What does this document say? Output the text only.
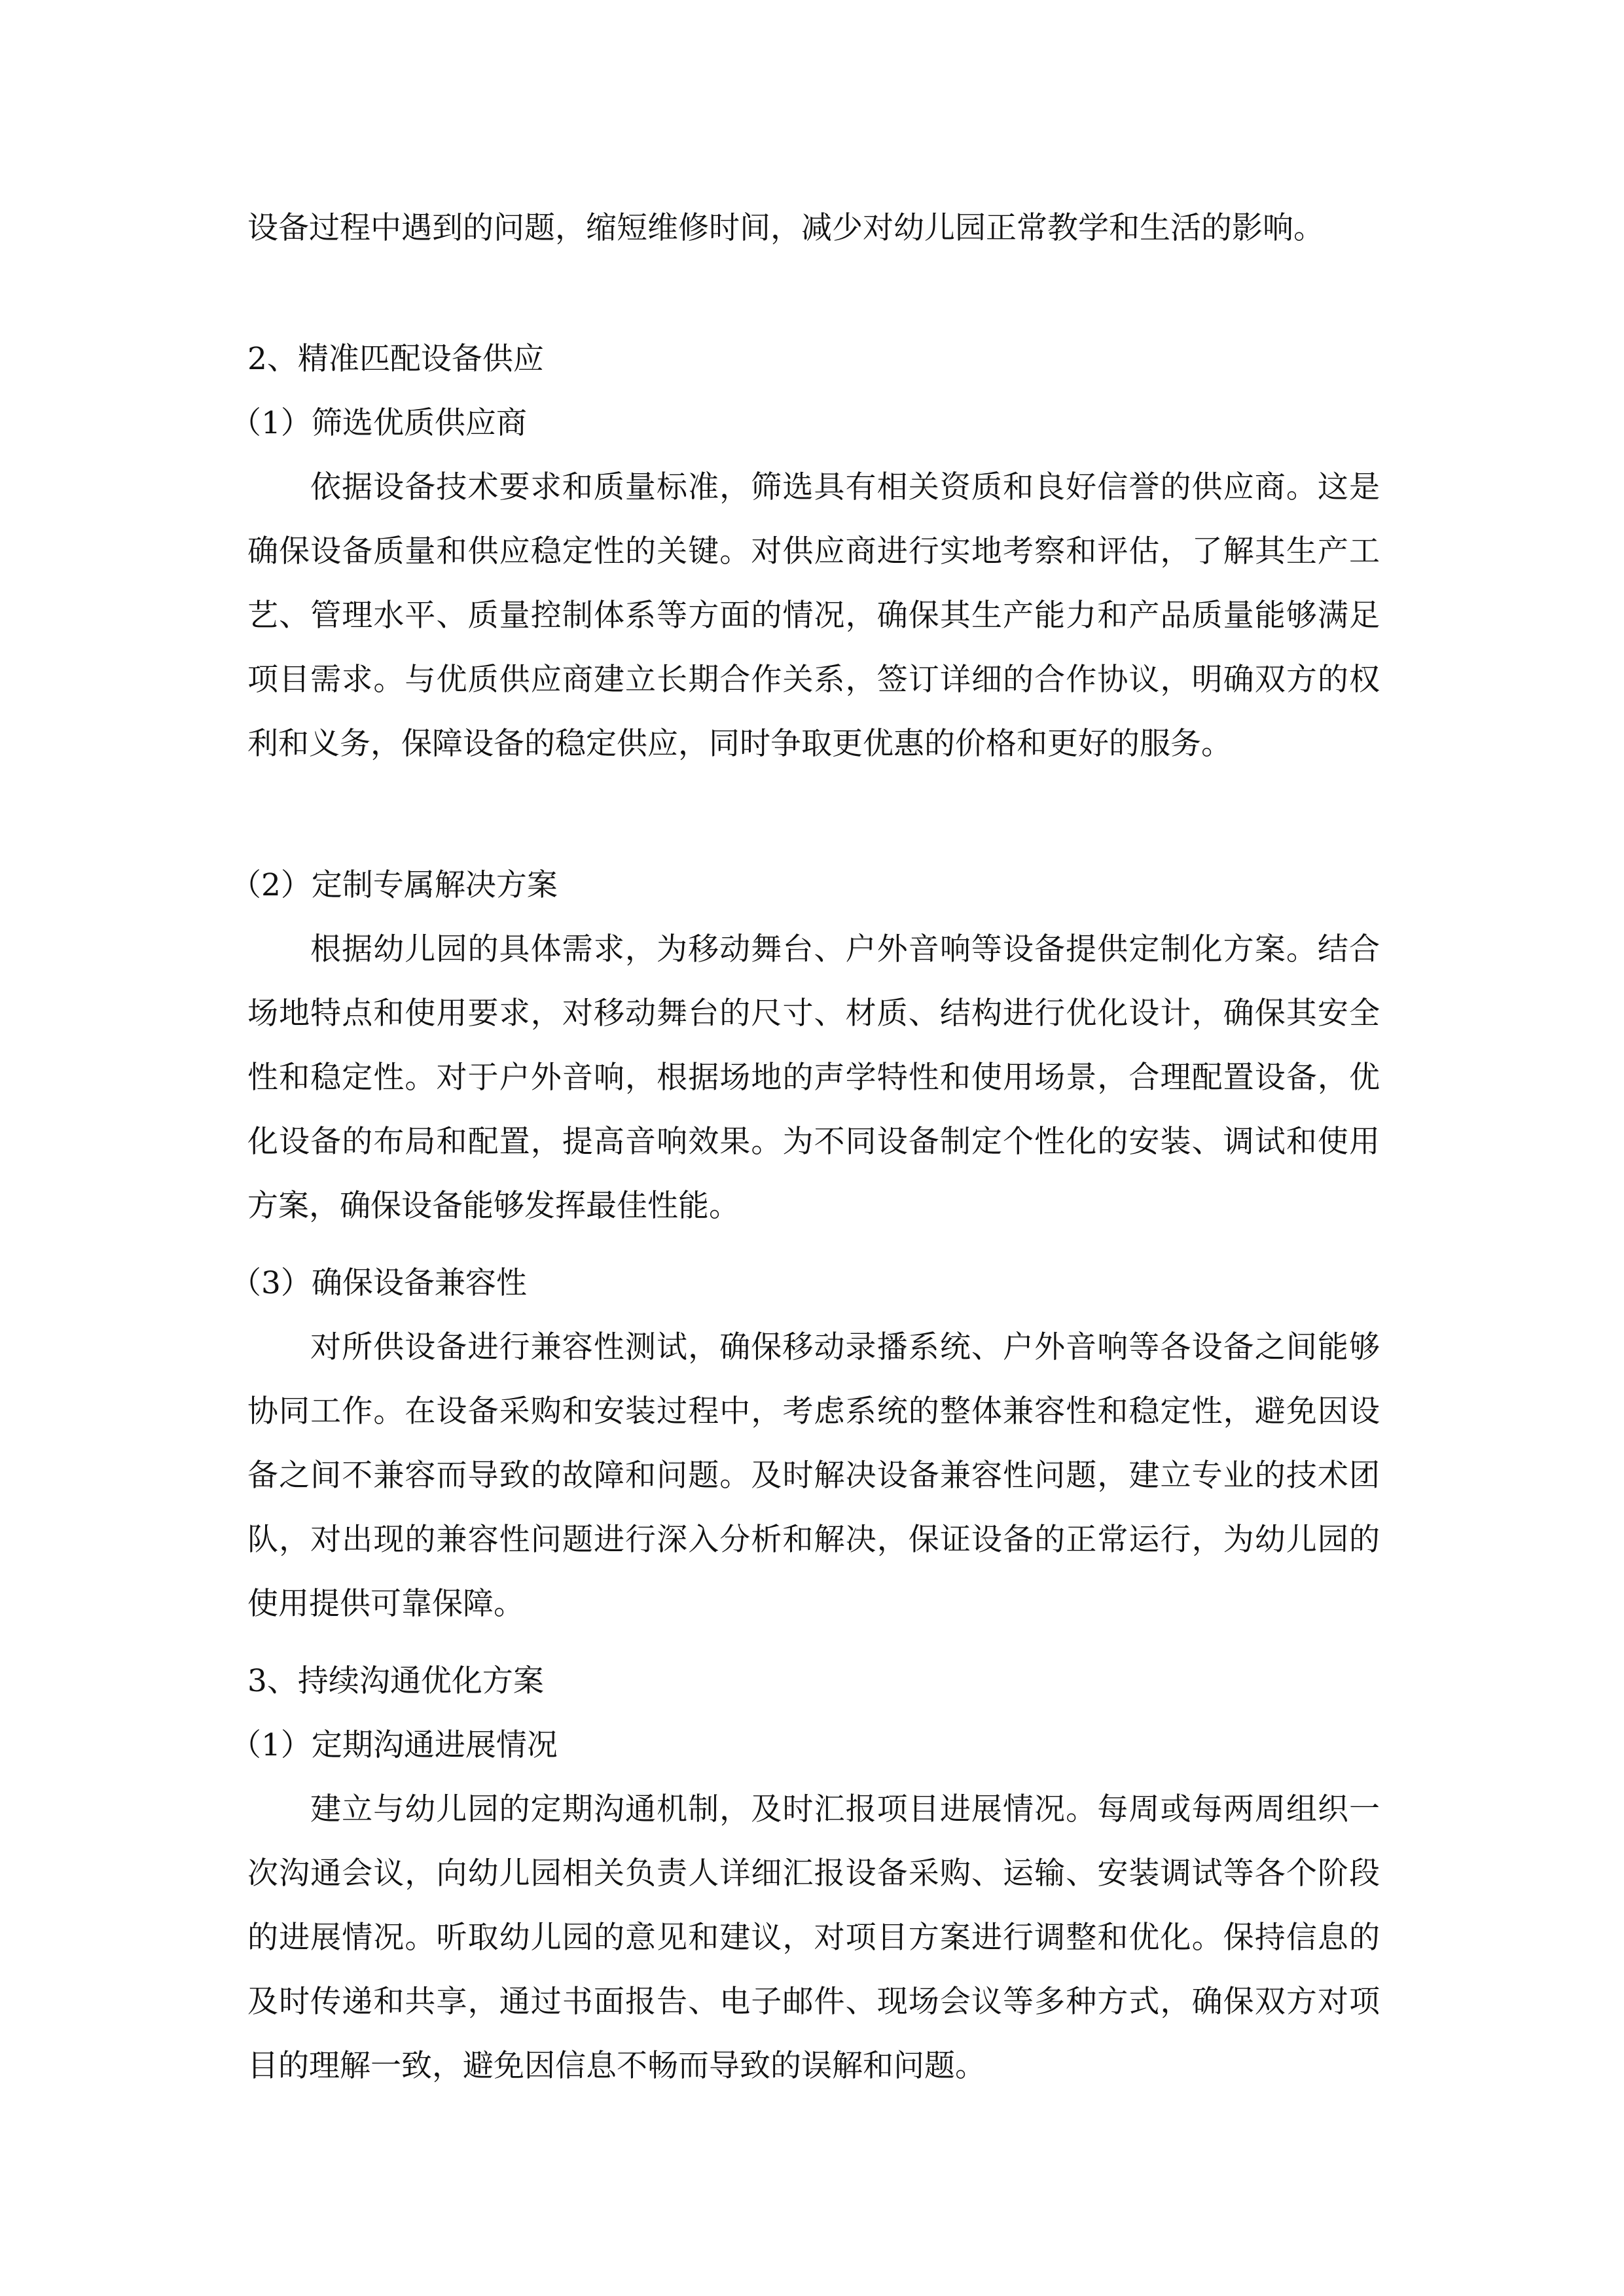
设备过程中遇到的问题，缩短维修时间，减少对幼儿园正常教学和生活的影响。

2、精准匹配设备供应

（1）筛选优质供应商

依据设备技术要求和质量标准，筛选具有相关资质和良好信誉的供应商。这是确保设备质量和供应稳定性的关键。对供应商进行实地考察和评估，了解其生产工艺、管理水平、质量控制体系等方面的情况，确保其生产能力和产品质量能够满足项目需求。与优质供应商建立长期合作关系，签订详细的合作协议，明确双方的权利和义务，保障设备的稳定供应，同时争取更优惠的价格和更好的服务。

（2）定制专属解决方案

根据幼儿园的具体需求，为移动舞台、户外音响等设备提供定制化方案。结合场地特点和使用要求，对移动舞台的尺寸、材质、结构进行优化设计，确保其安全性和稳定性。对于户外音响，根据场地的声学特性和使用场景，合理配置设备，优化设备的布局和配置，提高音响效果。为不同设备制定个性化的安装、调试和使用方案，确保设备能够发挥最佳性能。

（3）确保设备兼容性

对所供设备进行兼容性测试，确保移动录播系统、户外音响等各设备之间能够协同工作。在设备采购和安装过程中，考虑系统的整体兼容性和稳定性，避免因设备之间不兼容而导致的故障和问题。及时解决设备兼容性问题，建立专业的技术团队，对出现的兼容性问题进行深入分析和解决，保证设备的正常运行，为幼儿园的使用提供可靠保障。

3、持续沟通优化方案

（1）定期沟通进展情况

建立与幼儿园的定期沟通机制，及时汇报项目进展情况。每周或每两周组织一次沟通会议，向幼儿园相关负责人详细汇报设备采购、运输、安装调试等各个阶段的进展情况。听取幼儿园的意见和建议，对项目方案进行调整和优化。保持信息的及时传递和共享，通过书面报告、电子邮件、现场会议等多种方式，确保双方对项目的理解一致，避免因信息不畅而导致的误解和问题。
